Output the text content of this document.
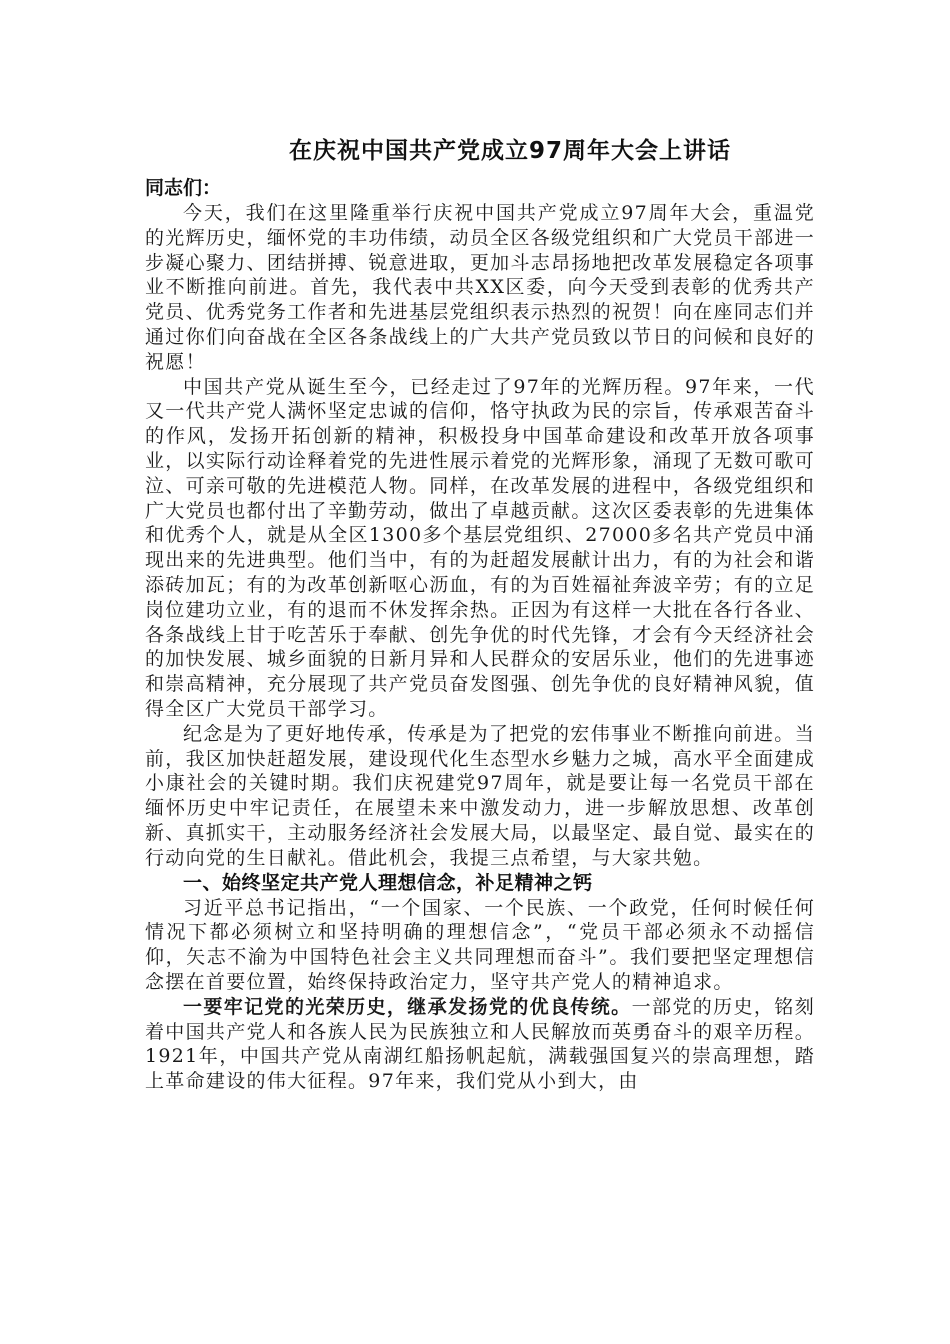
在庆祝中国共产党成立97周年大会上讲话

同志们：

今天，我们在这里隆重举行庆祝中国共产党成立97周年大会，重温党的光辉历史，缅怀党的丰功伟绩，动员全区各级党组织和广大党员干部进一步凝心聚力、团结拼搏、锐意进取，更加斗志昂扬地把改革发展稳定各项事业不断推向前进。首先，我代表中共XX区委，向今天受到表彰的优秀共产党员、优秀党务工作者和先进基层党组织表示热烈的祝贺！向在座同志们并通过你们向奋战在全区各条战线上的广大共产党员致以节日的问候和良好的祝愿！

中国共产党从诞生至今，已经走过了97年的光辉历程。97年来，一代又一代共产党人满怀坚定忠诚的信仰，恪守执政为民的宗旨，传承艰苦奋斗的作风，发扬开拓创新的精神，积极投身中国革命建设和改革开放各项事业，以实际行动诠释着党的先进性展示着党的光辉形象，涌现了无数可歌可泣、可亲可敬的先进模范人物。同样，在改革发展的进程中，各级党组织和广大党员也都付出了辛勤劳动，做出了卓越贡献。这次区委表彰的先进集体和优秀个人，就是从全区1300多个基层党组织、27000多名共产党员中涌现出来的先进典型。他们当中，有的为赶超发展献计出力，有的为社会和谐添砖加瓦；有的为改革创新呕心沥血，有的为百姓福祉奔波辛劳；有的立足岗位建功立业，有的退而不休发挥余热。正因为有这样一大批在各行各业、各条战线上甘于吃苦乐于奉献、创先争优的时代先锋，才会有今天经济社会的加快发展、城乡面貌的日新月异和人民群众的安居乐业，他们的先进事迹和崇高精神，充分展现了共产党员奋发图强、创先争优的良好精神风貌，值得全区广大党员干部学习。

纪念是为了更好地传承，传承是为了把党的宏伟事业不断推向前进。当前，我区加快赶超发展，建设现代化生态型水乡魅力之城，高水平全面建成小康社会的关键时期。我们庆祝建党97周年，就是要让每一名党员干部在缅怀历史中牢记责任，在展望未来中激发动力，进一步解放思想、改革创新、真抓实干，主动服务经济社会发展大局，以最坚定、最自觉、最实在的行动向党的生日献礼。借此机会，我提三点希望，与大家共勉。

一、始终坚定共产党人理想信念，补足精神之钙

习近平总书记指出，“一个国家、一个民族、一个政党，任何时候任何情况下都必须树立和坚持明确的理想信念”，“党员干部必须永不动摇信仰，矢志不渝为中国特色社会主义共同理想而奋斗”。我们要把坚定理想信念摆在首要位置，始终保持政治定力，坚守共产党人的精神追求。

一要牢记党的光荣历史，继承发扬党的优良传统。一部党的历史，铭刻着中国共产党人和各族人民为民族独立和人民解放而英勇奋斗的艰辛历程。1921年，中国共产党从南湖红船扬帆起航，满载强国复兴的崇高理想，踏上革命建设的伟大征程。97年来，我们党从小到大，由
